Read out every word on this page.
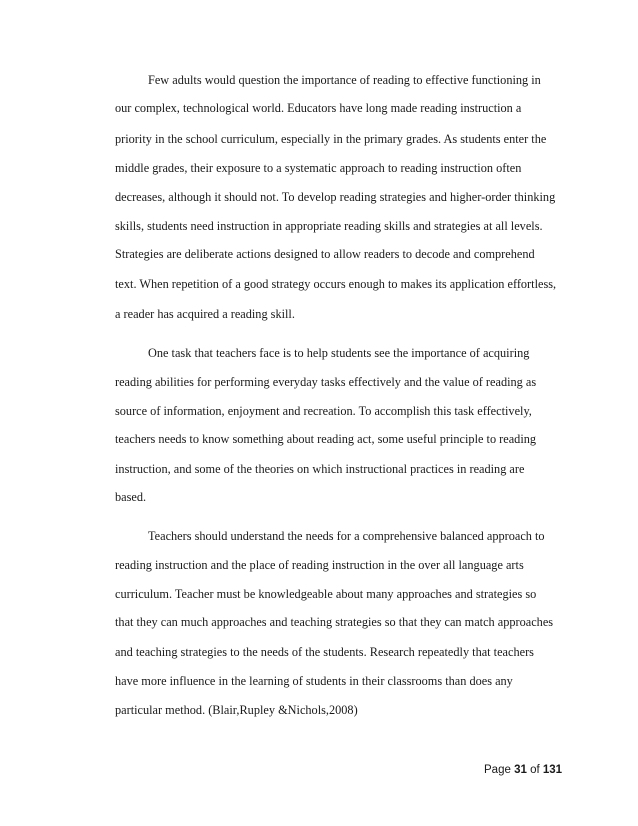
Few adults would question the importance of reading to effective functioning in
our complex, technological world. Educators have long made reading instruction a
priority in the school curriculum, especially in the primary grades. As students enter the
middle grades, their exposure to a systematic approach to reading instruction often
decreases, although it should not. To develop reading strategies and higher-order thinking
skills, students need instruction in appropriate reading skills and strategies at all levels.
Strategies are deliberate actions designed to allow readers to decode and comprehend
text. When repetition of a good strategy occurs enough to makes its application effortless,
a reader has acquired a reading skill.
One task that teachers face is to help students see the importance of acquiring
reading abilities for performing everyday tasks effectively and the value of reading as
source of information, enjoyment and recreation. To accomplish this task effectively,
teachers needs to know something about reading act, some useful principle to reading
instruction, and some of the theories on which instructional practices in reading are
based.
Teachers should understand the needs for a comprehensive balanced approach to
reading instruction and the place of reading instruction in the over all language arts
curriculum. Teacher must be knowledgeable about many approaches and strategies so
that they can much approaches and teaching strategies so that they can match approaches
and teaching strategies to the needs of the students. Research repeatedly that teachers
have more influence in the learning of students in their classrooms than does any
particular method. (Blair,Rupley &Nichols,2008)
Page 31 of 131
